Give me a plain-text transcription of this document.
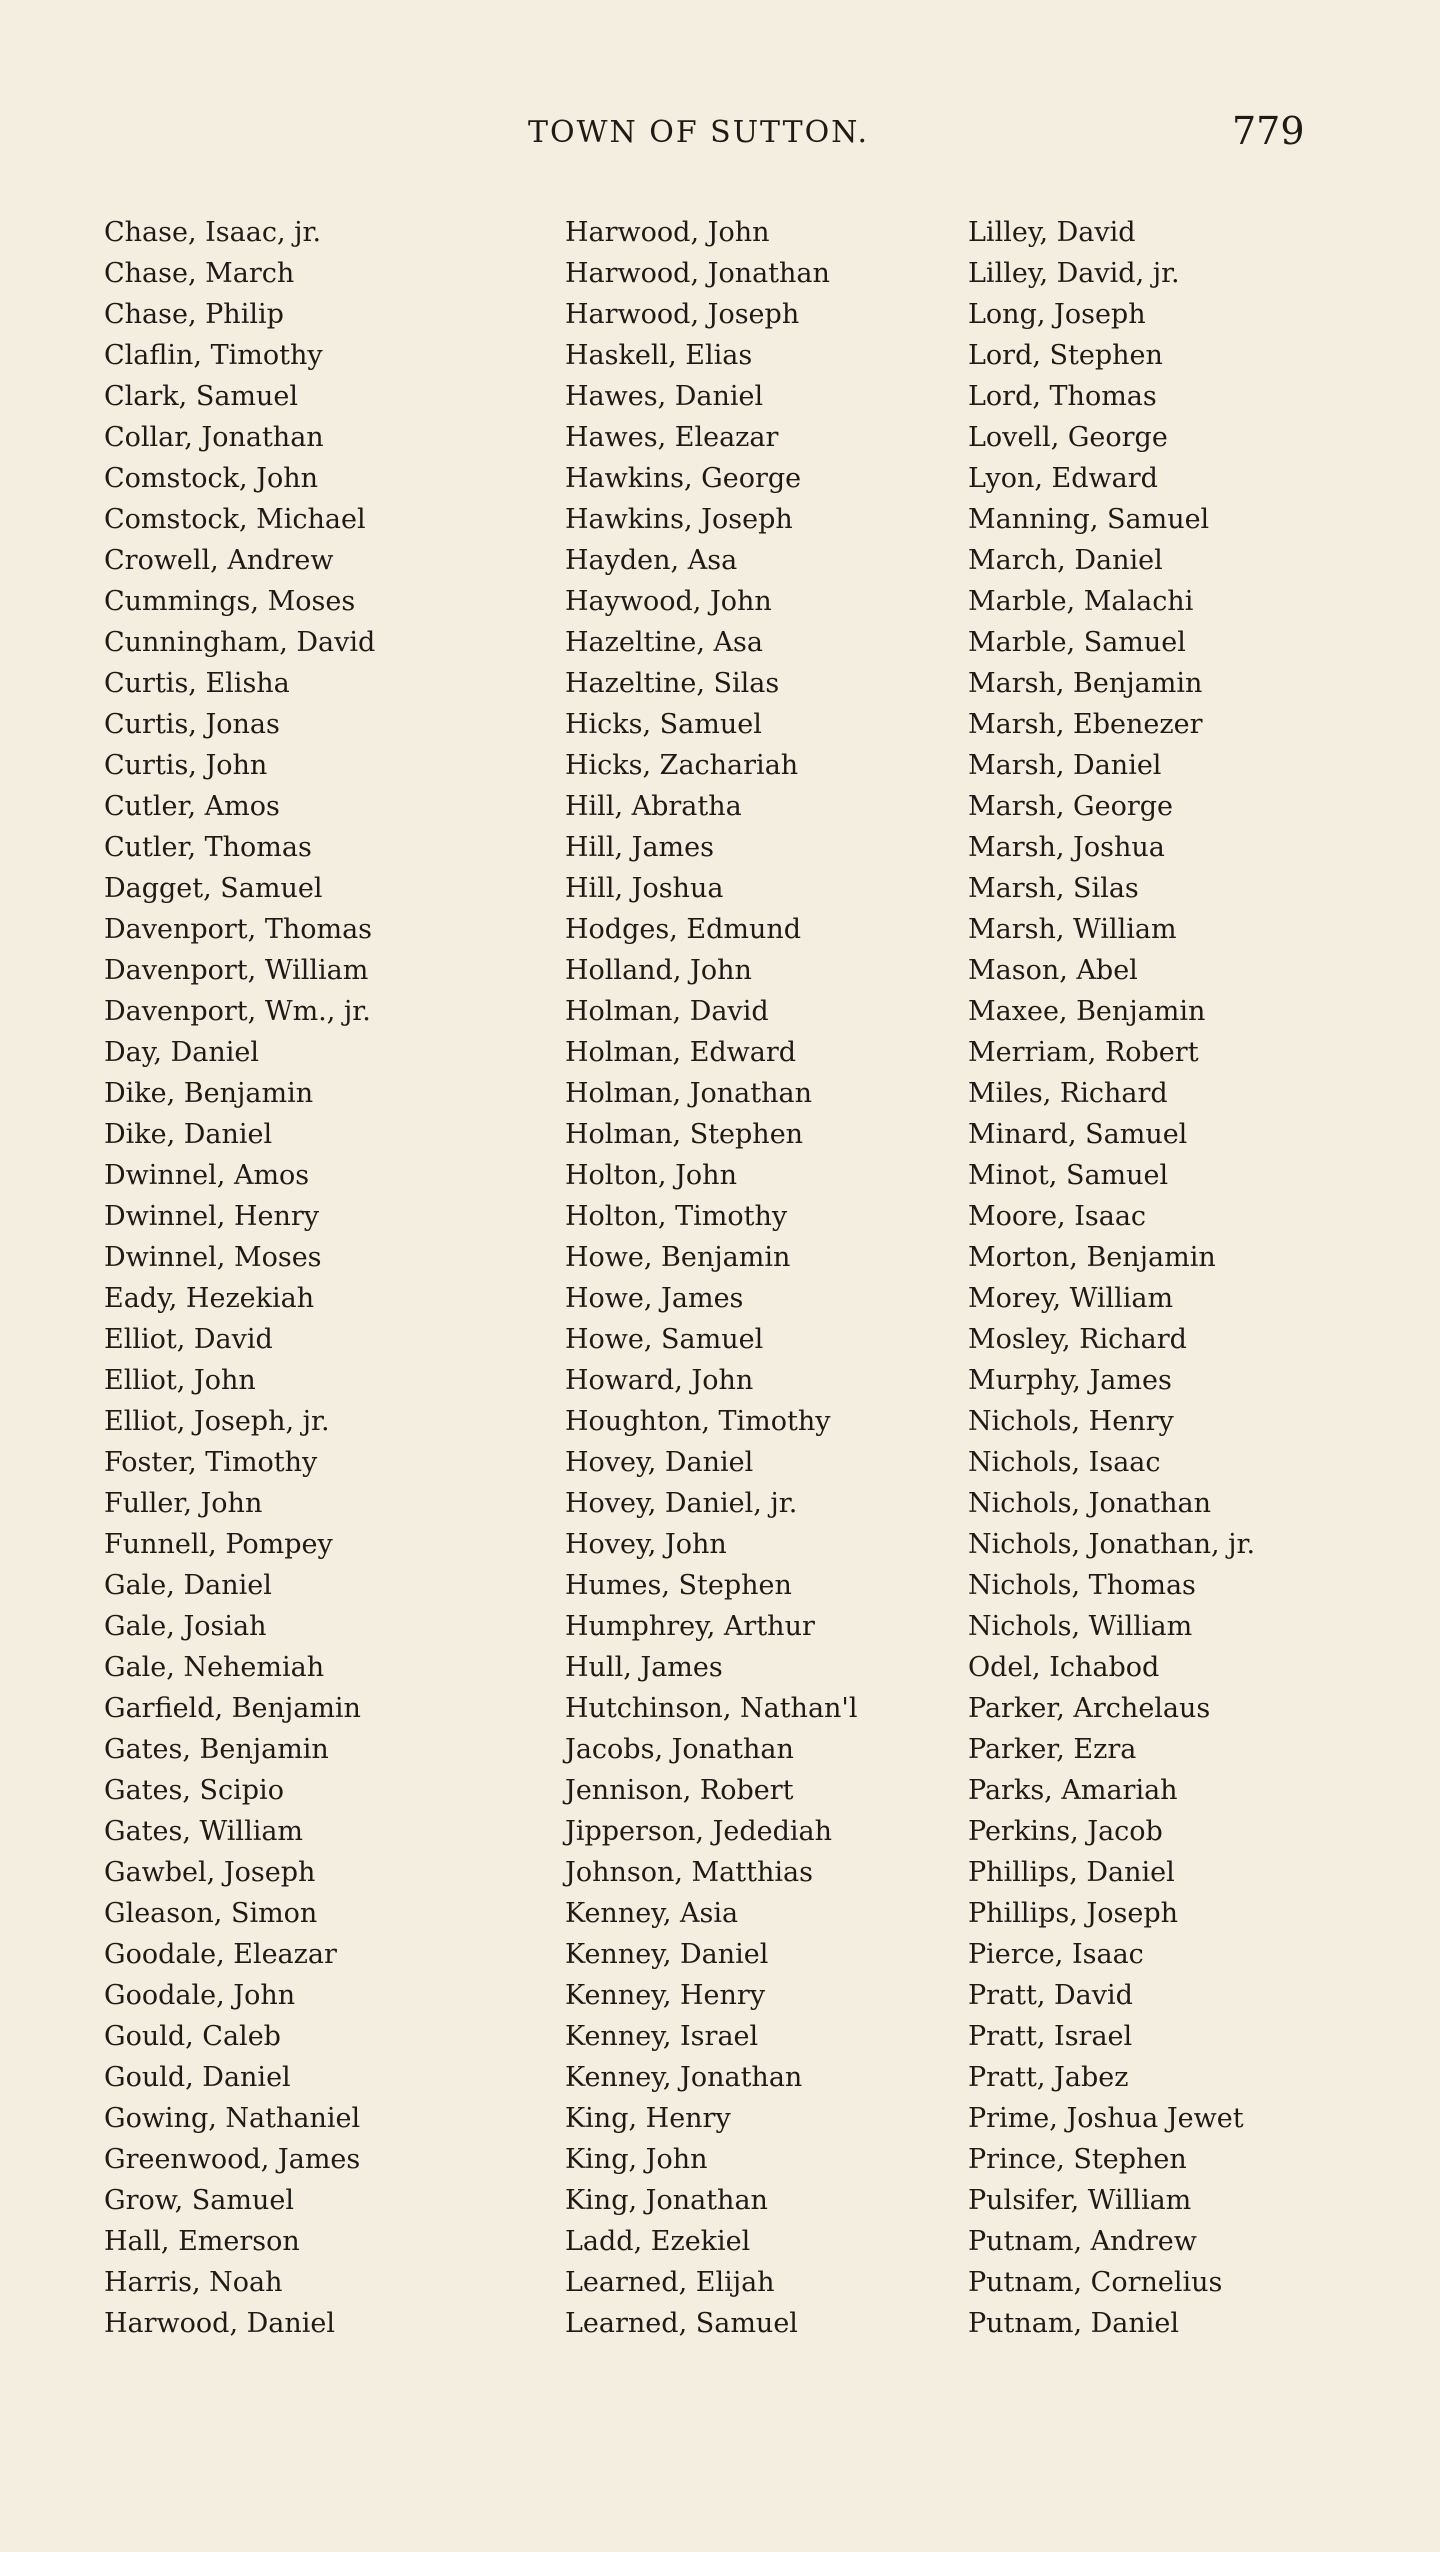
TOWN OF SUTTON.	779
Chase, Isaac, jr.
Chase, March
Chase, Philip
Claflin, Timothy
Clark, Samuel
Collar, Jonathan
Comstock, John
Comstock, Michael
Crowell, Andrew
Cummings, Moses
Cunningham, David
Curtis, Elisha
Curtis, Jonas
Curtis, John
Cutler, Amos
Cutler, Thomas
Dagget, Samuel
Davenport, Thomas
Davenport, William
Davenport, Wm., jr.
Day, Daniel
Dike, Benjamin
Dike, Daniel
Dwinnel, Amos
Dwinnel, Henry
Dwinnel, Moses
Eady, Hezekiah
Elliot, David
Elliot, John
Elliot, Joseph, jr.
Foster, Timothy
Fuller, John
Funnell, Pompey
Gale, Daniel
Gale, Josiah
Gale, Nehemiah
Garfield, Benjamin
Gates, Benjamin
Gates, Scipio
Gates, William
Gawbel, Joseph
Gleason, Simon
Goodale, Eleazar
Goodale, John
Gould, Caleb
Gould, Daniel
Gowing, Nathaniel
Greenwood, James
Grow, Samuel
Hall, Emerson
Harris, Noah
Harwood, Daniel
Harwood, John
Harwood, Jonathan
Harwood, Joseph
Haskell, Elias
Hawes, Daniel
Hawes, Eleazar
Hawkins, George
Hawkins, Joseph
Hayden, Asa
Haywood, John
Hazeltine, Asa
Hazeltine, Silas
Hicks, Samuel
Hicks, Zachariah
Hill, Abratha
Hill, James
Hill, Joshua
Hodges, Edmund
Holland, John
Holman, David
Holman, Edward
Holman, Jonathan
Holman, Stephen
Holton, John
Holton, Timothy
Howe, Benjamin
Howe, James
Howe, Samuel
Howard, John
Houghton, Timothy
Hovey, Daniel
Hovey, Daniel, jr.
Hovey, John
Humes, Stephen
Humphrey, Arthur
Hull, James
Hutchinson, Nathan'l
Jacobs, Jonathan
Jennison, Robert
Jipperson, Jedediah
Johnson, Matthias
Kenney, Asia
Kenney, Daniel
Kenney, Henry
Kenney, Israel
Kenney, Jonathan
King, Henry
King, John
King, Jonathan
Ladd, Ezekiel
Learned, Elijah
Learned, Samuel
Lilley, David
Lilley, David, jr.
Long, Joseph
Lord, Stephen
Lord, Thomas
Lovell, George
Lyon, Edward
Manning, Samuel
March, Daniel
Marble, Malachi
Marble, Samuel
Marsh, Benjamin
Marsh, Ebenezer
Marsh, Daniel
Marsh, George
Marsh, Joshua
Marsh, Silas
Marsh, William
Mason, Abel
Maxee, Benjamin
Merriam, Robert
Miles, Richard
Minard, Samuel
Minot, Samuel
Moore, Isaac
Morton, Benjamin
Morey, William
Mosley, Richard
Murphy, James
Nichols, Henry
Nichols, Isaac
Nichols, Jonathan
Nichols, Jonathan, jr.
Nichols, Thomas
Nichols, William
Odel, Ichabod
Parker, Archelaus
Parker, Ezra
Parks, Amariah
Perkins, Jacob
Phillips, Daniel
Phillips, Joseph
Pierce, Isaac
Pratt, David
Pratt, Israel
Pratt, Jabez
Prime, Joshua Jewet
Prince, Stephen
Pulsifer, William
Putnam, Andrew
Putnam, Cornelius
Putnam, Daniel
